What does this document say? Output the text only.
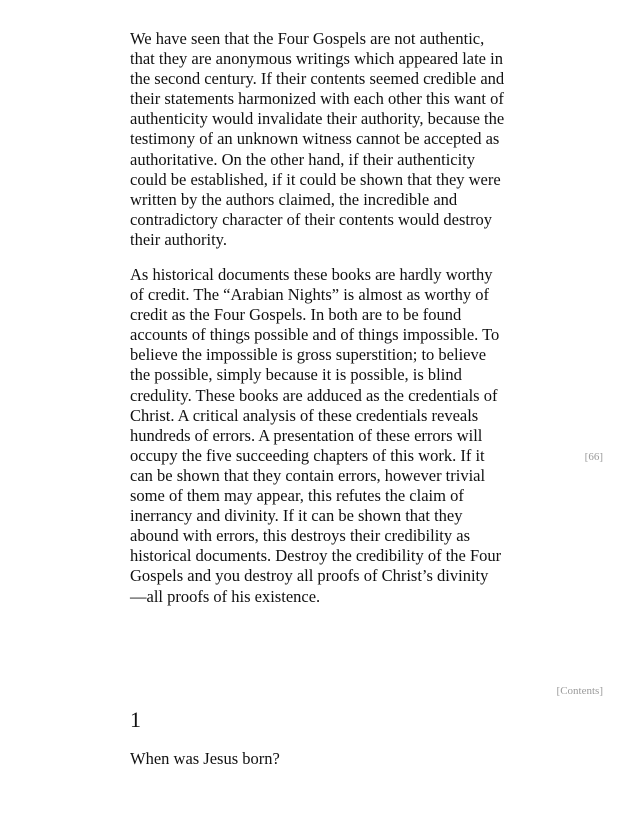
We have seen that the Four Gospels are not authentic,
that they are anonymous writings which appeared late in
the second century. If their contents seemed credible and
their statements harmonized with each other this want of
authenticity would invalidate their authority, because the
testimony of an unknown witness cannot be accepted as
authoritative. On the other hand, if their authenticity
could be established, if it could be shown that they were
written by the authors claimed, the incredible and
contradictory character of their contents would destroy
their authority.
As historical documents these books are hardly worthy
of credit. The “Arabian Nights” is almost as worthy of
credit as the Four Gospels. In both are to be found
accounts of things possible and of things impossible. To
believe the impossible is gross superstition; to believe
the possible, simply because it is possible, is blind
credulity. These books are adduced as the credentials of
Christ. A critical analysis of these credentials reveals
hundreds of errors. A presentation of these errors will
occupy the five succeeding chapters of this work. If it
can be shown that they contain errors, however trivial
some of them may appear, this refutes the claim of
inerrancy and divinity. If it can be shown that they
abound with errors, this destroys their credibility as
historical documents. Destroy the credibility of the Four
Gospels and you destroy all proofs of Christ’s divinity
—all proofs of his existence.
[66]
[Contents]
1
When was Jesus born?
